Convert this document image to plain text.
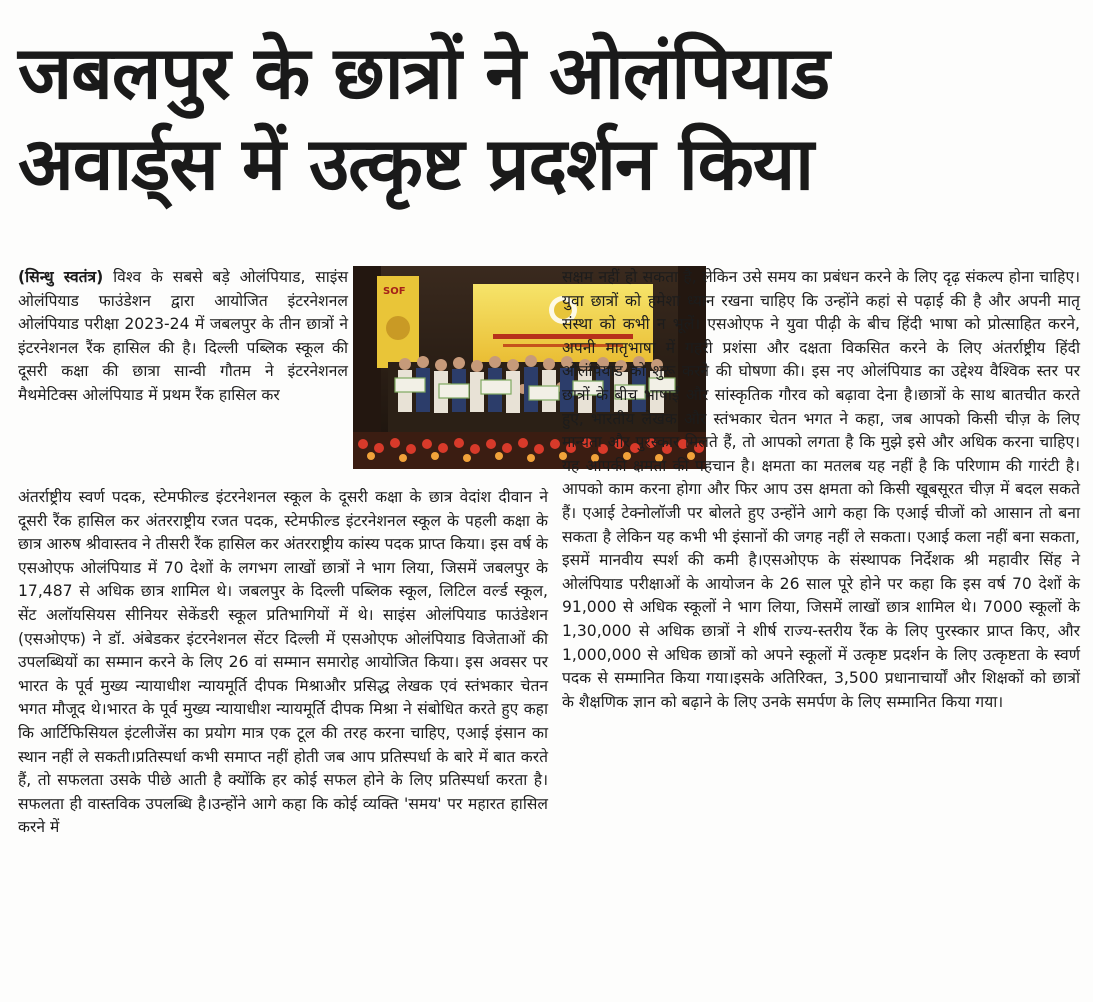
जबलपुर के छात्रों ने ओलंपियाड
अवार्ड्स में उत्कृष्ट प्रदर्शन किया

(सिन्धु स्वतंत्र) विश्व के सबसे बड़े ओलंपियाड, साइंस ओलंपियाड फाउंडेशन द्वारा आयोजित इंटरनेशनल ओलंपियाड परीक्षा 2023-24 में जबलपुर के तीन छात्रों ने इंटरनेशनल रैंक हासिल की है। दिल्ली पब्लिक स्कूल की दूसरी कक्षा की छात्रा सान्वी गौतम ने इंटरनेशनल मैथमेटिक्स ओलंपियाड में प्रथम रैंक हासिल कर

SOF

अंतर्राष्ट्रीय स्वर्ण पदक, स्टेमफील्ड इंटरनेशनल स्कूल के दूसरी कक्षा के छात्र वेदांश दीवान ने दूसरी रैंक हासिल कर अंतरराष्ट्रीय रजत पदक, स्टेमफील्ड इंटरनेशनल स्कूल के पहली कक्षा के छात्र आरुष श्रीवास्तव ने तीसरी रैंक हासिल कर अंतरराष्ट्रीय कांस्य पदक प्राप्त किया। इस वर्ष के एसओएफ ओलंपियाड में 70 देशों के लगभग लाखों छात्रों ने भाग लिया, जिसमें जबलपुर के 17,487 से अधिक छात्र शामिल थे। जबलपुर के दिल्ली पब्लिक स्कूल, लिटिल वर्ल्ड स्कूल, सेंट अलॉयसियस सीनियर सेकेंडरी स्कूल प्रतिभागियों में थे। साइंस ओलंपियाड फाउंडेशन (एसओएफ) ने डॉ. अंबेडकर इंटरनेशनल सेंटर दिल्ली में एसओएफ ओलंपियाड विजेताओं की उपलब्धियों का सम्मान करने के लिए 26 वां सम्मान समारोह आयोजित किया। इस अवसर पर भारत के पूर्व मुख्य न्यायाधीश न्यायमूर्ति दीपक मिश्राऔर प्रसिद्ध लेखक एवं स्तंभकार चेतन भगत मौजूद थे।भारत के पूर्व मुख्य न्यायाधीश न्यायमूर्ति दीपक मिश्रा ने संबोधित करते हुए कहा कि आर्टिफिसियल इंटलीजेंस का प्रयोग मात्र एक टूल की तरह करना चाहिए, एआई इंसान का स्थान नहीं ले सकती।प्रतिस्पर्धा कभी समाप्त नहीं होती जब आप प्रतिस्पर्धा के बारे में बात करते हैं, तो सफलता उसके पीछे आती है क्योंकि हर कोई सफल होने के लिए प्रतिस्पर्धा करता है। सफलता ही वास्तविक उपलब्धि है।उन्होंने आगे कहा कि कोई व्यक्ति 'समय' पर महारत हासिल करने में

सक्षम नहीं हो सकता है, लेकिन उसे समय का प्रबंधन करने के लिए दृढ़ संकल्प होना चाहिए। युवा छात्रों को हमेशा ध्यान रखना चाहिए कि उन्होंने कहां से पढ़ाई की है और अपनी मातृ संस्था को कभी न भूलें। एसओएफ ने युवा पीढ़ी के बीच हिंदी भाषा को प्रोत्साहित करने, अपनी मातृभाषा में गहरी प्रशंसा और दक्षता विकसित करने के लिए अंतर्राष्ट्रीय हिंदी ओलंपियाड को शुरू करने की घोषणा की। इस नए ओलंपियाड का उद्देश्य वैश्विक स्तर पर छात्रों के बीच भाषाई और सांस्कृतिक गौरव को बढ़ावा देना है।छात्रों के साथ बातचीत करते हुए, भारतीय लेखक और स्तंभकार चेतन भगत ने कहा, जब आपको किसी चीज़ के लिए मान्यता और पुरस्कार मिलते हैं, तो आपको लगता है कि मुझे इसे और अधिक करना चाहिए। यह आपकी क्षमता की पहचान है। क्षमता का मतलब यह नहीं है कि परिणाम की गारंटी है। आपको काम करना होगा और फिर आप उस क्षमता को किसी खूबसूरत चीज़ में बदल सकते हैं। एआई टेक्नोलॉजी पर बोलते हुए उन्होंने आगे कहा कि एआई चीजों को आसान तो बना सकता है लेकिन यह कभी भी इंसानों की जगह नहीं ले सकता। एआई कला नहीं बना सकता, इसमें मानवीय स्पर्श की कमी है।एसओएफ के संस्थापक निर्देशक श्री महावीर सिंह ने ओलंपियाड परीक्षाओं के आयोजन के 26 साल पूरे होने पर कहा कि इस वर्ष 70 देशों के 91,000 से अधिक स्कूलों ने भाग लिया, जिसमें लाखों छात्र शामिल थे। 7000 स्कूलों के 1,30,000 से अधिक छात्रों ने शीर्ष राज्य-स्तरीय रैंक के लिए पुरस्कार प्राप्त किए, और 1,000,000 से अधिक छात्रों को अपने स्कूलों में उत्कृष्ट प्रदर्शन के लिए उत्कृष्टता के स्वर्ण पदक से सम्मानित किया गया।इसके अतिरिक्त, 3,500 प्रधानाचार्यों और शिक्षकों को छात्रों के शैक्षणिक ज्ञान को बढ़ाने के लिए उनके समर्पण के लिए सम्मानित किया गया।
